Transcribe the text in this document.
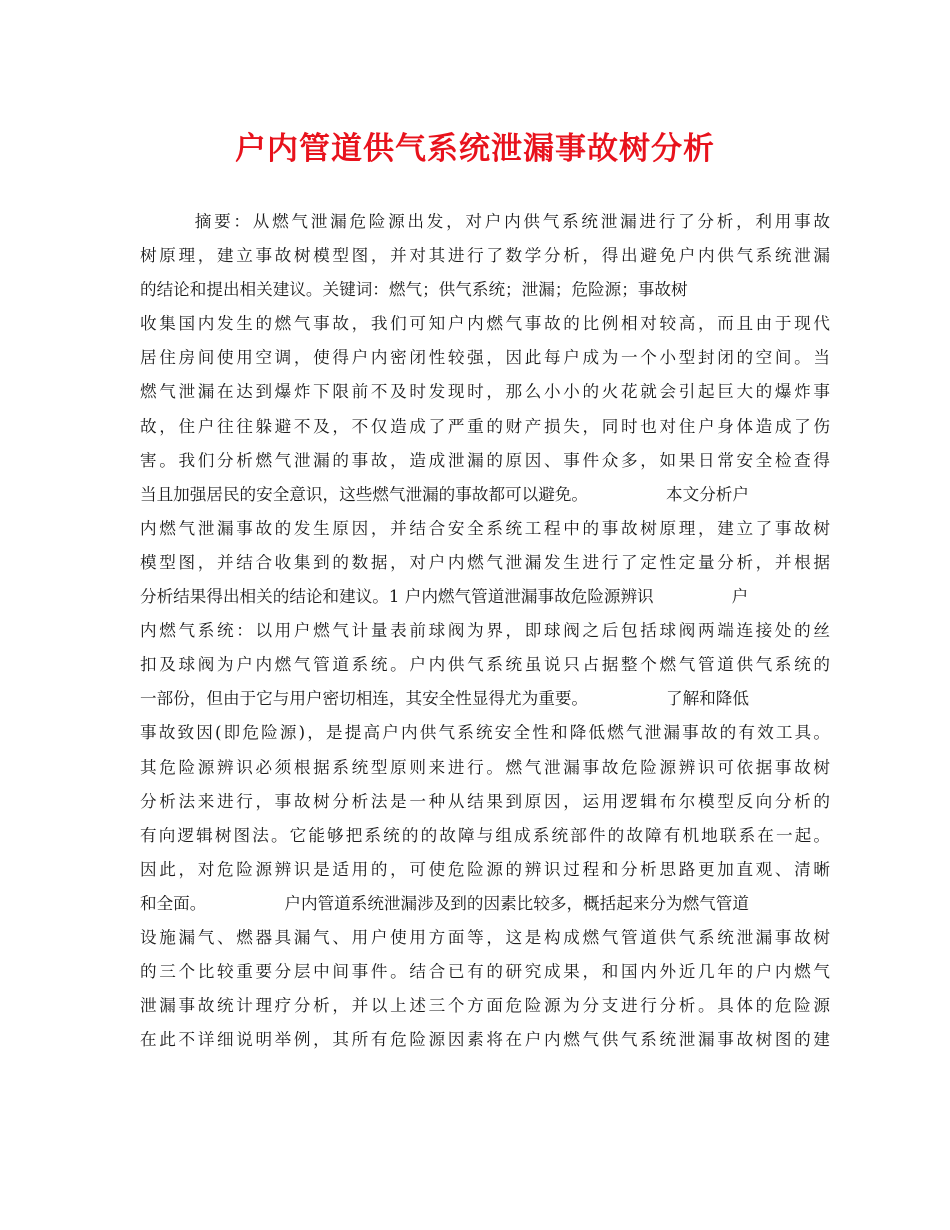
户内管道供气系统泄漏事故树分析
摘要：从燃气泄漏危险源出发，对户内供气系统泄漏进行了分析，利用事故
树原理，建立事故树模型图，并对其进行了数学分析，得出避免户内供气系统泄漏
的结论和提出相关建议。关键词：燃气；供气系统；泄漏；危险源；事故树
收集国内发生的燃气事故，我们可知户内燃气事故的比例相对较高，而且由于现代
居住房间使用空调，使得户内密闭性较强，因此每户成为一个小型封闭的空间。当
燃气泄漏在达到爆炸下限前不及时发现时，那么小小的火花就会引起巨大的爆炸事
故，住户往往躲避不及，不仅造成了严重的财产损失，同时也对住户身体造成了伤
害。我们分析燃气泄漏的事故，造成泄漏的原因、事件众多，如果日常安全检查得
当且加强居民的安全意识，这些燃气泄漏的事故都可以避免。	本文分析户
内燃气泄漏事故的发生原因，并结合安全系统工程中的事故树原理，建立了事故树
模型图，并结合收集到的数据，对户内燃气泄漏发生进行了定性定量分析，并根据
分析结果得出相关的结论和建议。1 户内燃气管道泄漏事故危险源辨识	户
内燃气系统：以用户燃气计量表前球阀为界，即球阀之后包括球阀两端连接处的丝
扣及球阀为户内燃气管道系统。户内供气系统虽说只占据整个燃气管道供气系统的
一部份，但由于它与用户密切相连，其安全性显得尤为重要。	了解和降低
事故致因(即危险源)，是提高户内供气系统安全性和降低燃气泄漏事故的有效工具。
其危险源辨识必须根据系统型原则来进行。燃气泄漏事故危险源辨识可依据事故树
分析法来进行，事故树分析法是一种从结果到原因，运用逻辑布尔模型反向分析的
有向逻辑树图法。它能够把系统的的故障与组成系统部件的故障有机地联系在一起。
因此，对危险源辨识是适用的，可使危险源的辨识过程和分析思路更加直观、清晰
和全面。	户内管道系统泄漏涉及到的因素比较多，概括起来分为燃气管道
设施漏气、燃器具漏气、用户使用方面等，这是构成燃气管道供气系统泄漏事故树
的三个比较重要分层中间事件。结合已有的研究成果，和国内外近几年的户内燃气
泄漏事故统计理疗分析，并以上述三个方面危险源为分支进行分析。具体的危险源
在此不详细说明举例，其所有危险源因素将在户内燃气供气系统泄漏事故树图的建
